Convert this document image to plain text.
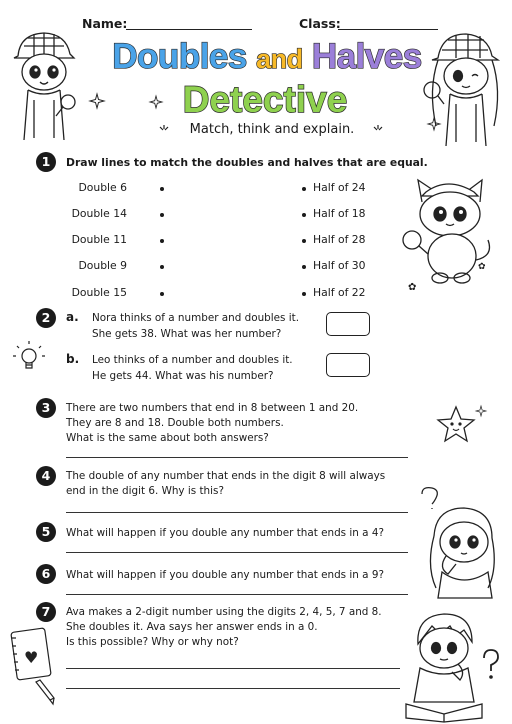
Name:	Class:
Doubles and Halves
Detective
Match, think and explain.
1	Draw lines to match the doubles and halves that are equal.
Double 6
Double 14
Double 11
Double 9
Double 15
Half of 24
Half of 18
Half of 28
Half of 30
Half of 22	✿
✿
2	a. Nora thinks of a number and doubles it.
She gets 38. What was her number?
b. Leo thinks of a number and doubles it.
He gets 44. What was his number?
3	There are two numbers that end in 8 between 1 and 20.
They are 8 and 18. Double both numbers.
What is the same about both answers?
4	The double of any number that ends in the digit 8 will always
end in the digit 6. Why is this?
5	What will happen if you double any number that ends in a 4?
6	What will happen if you double any number that ends in a 9?
7	Ava makes a 2-digit number using the digits 2, 4, 5, 7 and 8.
She doubles it. Ava says her answer ends in a 0.
Is this possible? Why or why not?
♥
